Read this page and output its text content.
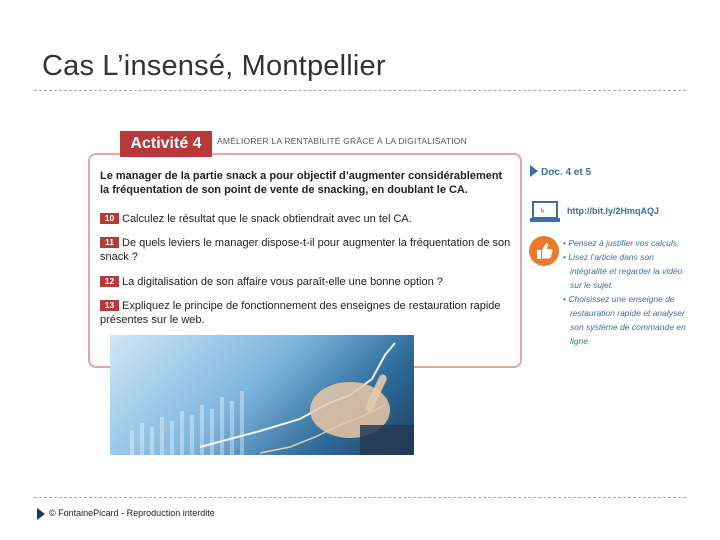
Cas L’insensé, Montpellier
Activité 4	AMÉLIORER LA RENTABILITÉ GRÂCE À LA DIGITALISATION
Le manager de la partie snack a pour objectif d’augmenter considérablement la fréquentation de son point de vente de snacking, en doublant le CA.
10 Calculez le résultat que le snack obtiendrait avec un tel CA.
11 De quels leviers le manager dispose-t-il pour augmenter la fréquentation de son snack ?
12 La digitalisation de son affaire vous paraît-elle une bonne option ?
13 Expliquez le principe de fonctionnement des enseignes de restauration rapide présentes sur le web.
Doc. 4 et 5
k	http://bit.ly/2HmqAQJ

• Pensez à justifier vos calculs.

• Lisez l’article dans son intégralité et regarder la vidéo sur le sujet.

• Choisissez une enseigne de restauration rapide et analyser son système de commande en ligne.

© FontainePicard - Reproduction interdite
